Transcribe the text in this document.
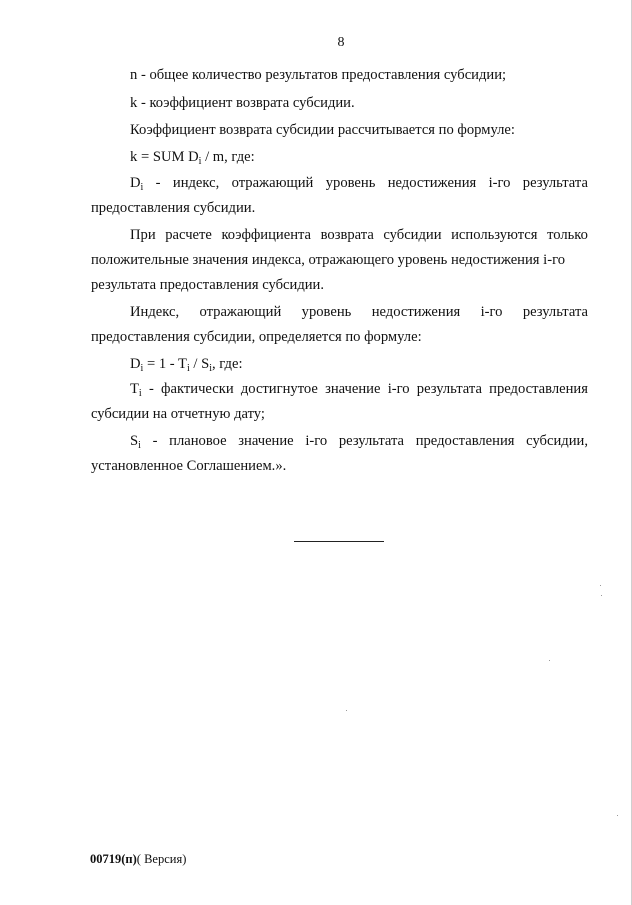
8
n - общее количество результатов предоставления субсидии;
k - коэффициент возврата субсидии.
Коэффициент возврата субсидии рассчитывается по формуле:
k = SUM $D_i$ / m, где:
$D_i$ - индекс, отражающий уровень недостижения i-го результата
предоставления субсидии.
При расчете коэффициента возврата субсидии используются только
положительные значения индекса, отражающего уровень недостижения i-го
результата предоставления субсидии.
Индекс, отражающий уровень недостижения i-го результата
предоставления субсидии, определяется по формуле:
$D_i = 1 - T_i / S_i$, где:
$T_i$ - фактически достигнутое значение i-го результата предоставления
субсидии на отчетную дату;
$S_i$ - плановое значение i-го результата предоставления субсидии,
установленное Соглашением.».
00719(п)( Версия)
